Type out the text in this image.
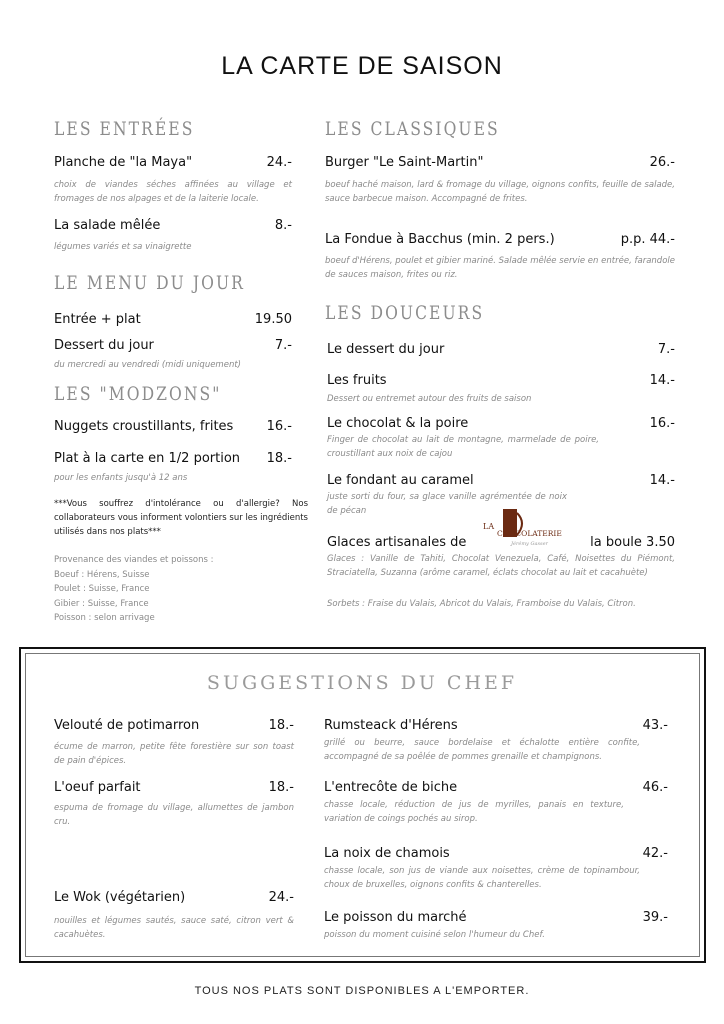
LA CARTE DE SAISON
LES ENTRÉES
Planche de "la Maya"	24.-
choix de viandes séches affinées au village et fromages de nos alpages et de la laiterie locale.
La salade mêlée	8.-
légumes variés et sa vinaigrette
LE MENU DU JOUR
Entrée + plat	19.50
Dessert du jour	7.-
du mercredi au vendredi (midi uniquement)
LES "MODZONS"
Nuggets croustillants, frites	16.-
Plat à la carte en 1/2 portion 18.-
pour les enfants jusqu'à 12 ans
***Vous souffrez d'intolérance ou d'allergie? Nos collaborateurs vous informent volontiers sur les ingrédients utilisés dans nos plats***
Provenance des viandes et poissons :
Boeuf : Hérens, Suisse
Poulet : Suisse, France
Gibier : Suisse, France
Poisson : selon arrivage
LES CLASSIQUES
Burger "Le Saint-Martin"	26.-
boeuf haché maison, lard & fromage du village, oignons confits, feuille de salade, sauce barbecue maison. Accompagné de frites.
La Fondue à Bacchus (min. 2 pers.)	p.p. 44.-
boeuf d'Hérens, poulet et gibier mariné. Salade mêlée servie en entrée, farandole de sauces maison, frites ou riz.
LES DOUCEURS
Le dessert du jour	7.-
Les fruits	14.-
Dessert ou entremet autour des fruits de saison
Le chocolat & la poire	16.-
Finger de chocolat au lait de montagne, marmelade de poire, croustillant aux noix de cajou
Le fondant au caramel	14.-
juste sorti du four, sa glace vanille agrémentée de noix de pécan
Glaces artisanales de	la boule 3.50
LA
CHOCOLATERIE
Jérémy Gasser
Glaces : Vanille de Tahiti, Chocolat Venezuela, Café, Noisettes du Piémont, Straciatella, Suzanna (arôme caramel, éclats chocolat au lait et cacahuète)
Sorbets : Fraise du Valais, Abricot du Valais, Framboise du Valais, Citron.
SUGGESTIONS DU CHEF
Velouté de potimarron	18.-
écume de marron, petite fête forestière sur son toast de pain d'épices.
L'oeuf parfait	18.-
espuma de fromage du village, allumettes de jambon cru.
Le Wok (végétarien)	24.-
nouilles et légumes sautés, sauce saté, citron vert & cacahuètes.
Rumsteack d'Hérens	43.-
grillé ou beurre, sauce bordelaise et échalotte entière confite, accompagné de sa poêlée de pommes grenaille et champignons.
L'entrecôte de biche	46.-
chasse locale, réduction de jus de myrilles, panais en texture, variation de coings pochés au sirop.
La noix de chamois	42.-
chasse locale, son jus de viande aux noisettes, crème de topinambour, choux de bruxelles, oignons confits & chanterelles.
Le poisson du marché	39.-
poisson du moment cuisiné selon l'humeur du Chef.
TOUS NOS PLATS SONT DISPONIBLES A L'EMPORTER.
